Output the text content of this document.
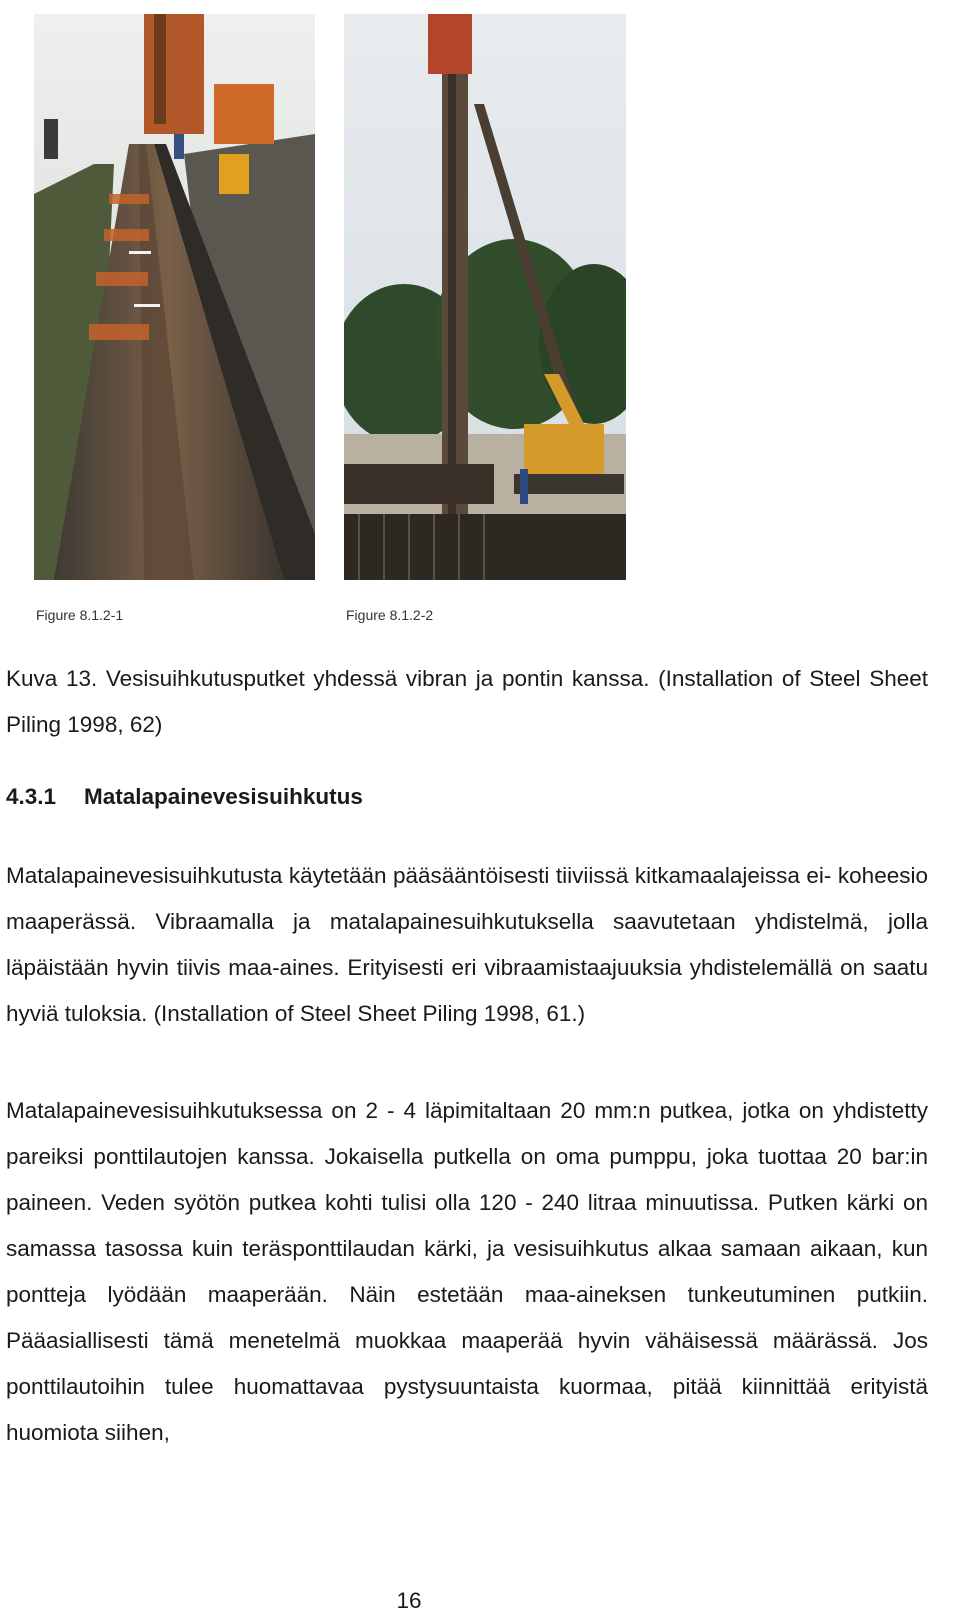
Figure 8.1.2-1	Figure 8.1.2-2

Kuva 13. Vesisuihkutusputket yhdessä vibran ja pontin kanssa. (Installation of Steel Sheet Piling 1998, 62)

4.3.1 Matalapainevesisuihkutus

Matalapainevesisuihkutusta käytetään pääsääntöisesti tiiviissä kitkamaalajeissa ei- koheesio maaperässä. Vibraamalla ja matalapainesuihkutuksella saavutetaan yhdistelmä, jolla läpäistään hyvin tiivis maa-aines. Erityisesti eri vibraamistaajuuksia yhdistelemällä on saatu hyviä tuloksia. (Installation of Steel Sheet Piling 1998, 61.)

Matalapainevesisuihkutuksessa on 2 - 4 läpimitaltaan 20 mm:n putkea, jotka on yhdistetty pareiksi ponttilautojen kanssa. Jokaisella putkella on oma pumppu, joka tuottaa 20 bar:in paineen. Veden syötön putkea kohti tulisi olla 120 - 240 litraa minuutissa. Putken kärki on samassa tasossa kuin teräsponttilaudan kärki, ja vesisuihkutus alkaa samaan aikaan, kun pontteja lyödään maaperään. Näin estetään maa-aineksen tunkeutuminen putkiin. Pääasiallisesti tämä menetelmä muokkaa maaperää hyvin vähäisessä määrässä. Jos ponttilautoihin tulee huomattavaa pystysuuntaista kuormaa, pitää kiinnittää erityistä huomiota siihen,

16
